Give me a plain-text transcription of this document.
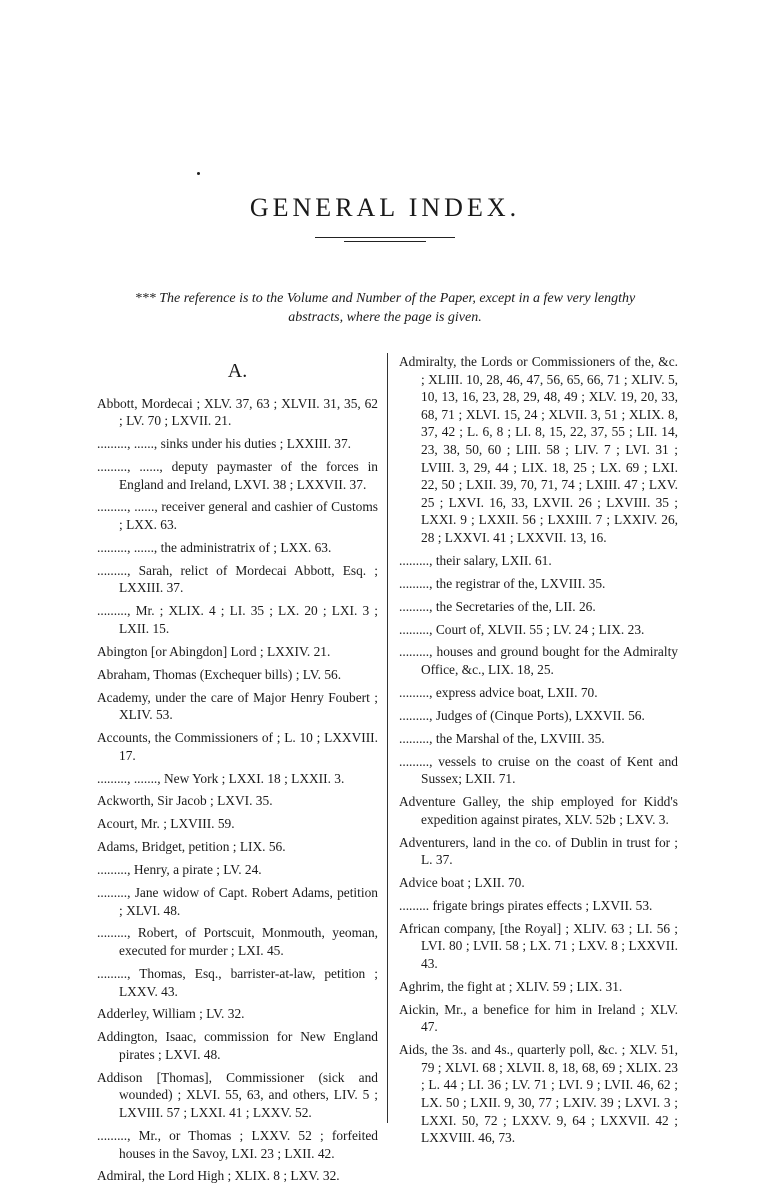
GENERAL INDEX.
*** The reference is to the Volume and Number of the Paper, except in a few very lengthy abstracts, where the page is given.
A.
Abbott, Mordecai ; XLV. 37, 63 ; XLVII. 31, 35, 62 ; LV. 70 ; LXVII. 21.
........., ......, sinks under his duties ; LXXIII. 37.
........., ......, deputy paymaster of the forces in England and Ireland, LXVI. 38 ; LXXVII. 37.
........., ......, receiver general and cashier of Customs ; LXX. 63.
........., ......, the administratrix of ; LXX. 63.
........., Sarah, relict of Mordecai Abbott, Esq. ; LXXIII. 37.
........., Mr. ; XLIX. 4 ; LI. 35 ; LX. 20 ; LXI. 3 ; LXII. 15.
Abington [or Abingdon] Lord ; LXXIV. 21.
Abraham, Thomas (Exchequer bills) ; LV. 56.
Academy, under the care of Major Henry Foubert ; XLIV. 53.
Accounts, the Commissioners of ; L. 10 ; LXXVIII. 17.
........., ......., New York ; LXXI. 18 ; LXXII. 3.
Ackworth, Sir Jacob ; LXVI. 35.
Acourt, Mr. ; LXVIII. 59.
Adams, Bridget, petition ; LIX. 56.
........., Henry, a pirate ; LV. 24.
........., Jane widow of Capt. Robert Adams, petition ; XLVI. 48.
........., Robert, of Portscuit, Monmouth, yeoman, executed for murder ; LXI. 45.
........., Thomas, Esq., barrister-at-law, petition ; LXXV. 43.
Adderley, William ; LV. 32.
Addington, Isaac, commission for New England pirates ; LXVI. 48.
Addison [Thomas], Commissioner (sick and wounded) ; XLVI. 55, 63, and others, LIV. 5 ; LXVIII. 57 ; LXXI. 41 ; LXXV. 52.
........., Mr., or Thomas ; LXXV. 52 ; forfeited houses in the Savoy, LXI. 23 ; LXII. 42.
Admiral, the Lord High ; XLIX. 8 ; LXV. 32.
Admiralty, the Lords or Commissioners of the, &c. ; XLIII. 10, 28, 46, 47, 56, 65, 66, 71 ; XLIV. 5, 10, 13, 16, 23, 28, 29, 48, 49 ; XLV. 19, 20, 33, 68, 71 ; XLVI. 15, 24 ; XLVII. 3, 51 ; XLIX. 8, 37, 42 ; L. 6, 8 ; LI. 8, 15, 22, 37, 55 ; LII. 14, 23, 38, 50, 60 ; LIII. 58 ; LIV. 7 ; LVI. 31 ; LVIII. 3, 29, 44 ; LIX. 18, 25 ; LX. 69 ; LXI. 22, 50 ; LXII. 39, 70, 71, 74 ; LXIII. 47 ; LXV. 25 ; LXVI. 16, 33, LXVII. 26 ; LXVIII. 35 ; LXXI. 9 ; LXXII. 56 ; LXXIII. 7 ; LXXIV. 26, 28 ; LXXVI. 41 ; LXXVII. 13, 16.
........., their salary, LXII. 61.
........., the registrar of the, LXVIII. 35.
........., the Secretaries of the, LII. 26.
........., Court of, XLVII. 55 ; LV. 24 ; LIX. 23.
........., houses and ground bought for the Admiralty Office, &c., LIX. 18, 25.
........., express advice boat, LXII. 70.
........., Judges of (Cinque Ports), LXXVII. 56.
........., the Marshal of the, LXVIII. 35.
........., vessels to cruise on the coast of Kent and Sussex; LXII. 71.
Adventure Galley, the ship employed for Kidd's expedition against pirates, XLV. 52b ; LXV. 3.
Adventurers, land in the co. of Dublin in trust for ; L. 37.
Advice boat ; LXII. 70.
......... frigate brings pirates effects ; LXVII. 53.
African company, [the Royal] ; XLIV. 63 ; LI. 56 ; LVI. 80 ; LVII. 58 ; LX. 71 ; LXV. 8 ; LXXVII. 43.
Aghrim, the fight at ; XLIV. 59 ; LIX. 31.
Aickin, Mr., a benefice for him in Ireland ; XLV. 47.
Aids, the 3s. and 4s., quarterly poll, &c. ; XLV. 51, 79 ; XLVI. 68 ; XLVII. 8, 18, 68, 69 ; XLIX. 23 ; L. 44 ; LI. 36 ; LV. 71 ; LVI. 9 ; LVII. 46, 62 ; LX. 50 ; LXII. 9, 30, 77 ; LXIV. 39 ; LXVI. 3 ; LXXI. 50, 72 ; LXXV. 9, 64 ; LXXVII. 42 ; LXXVIII. 46, 73.
